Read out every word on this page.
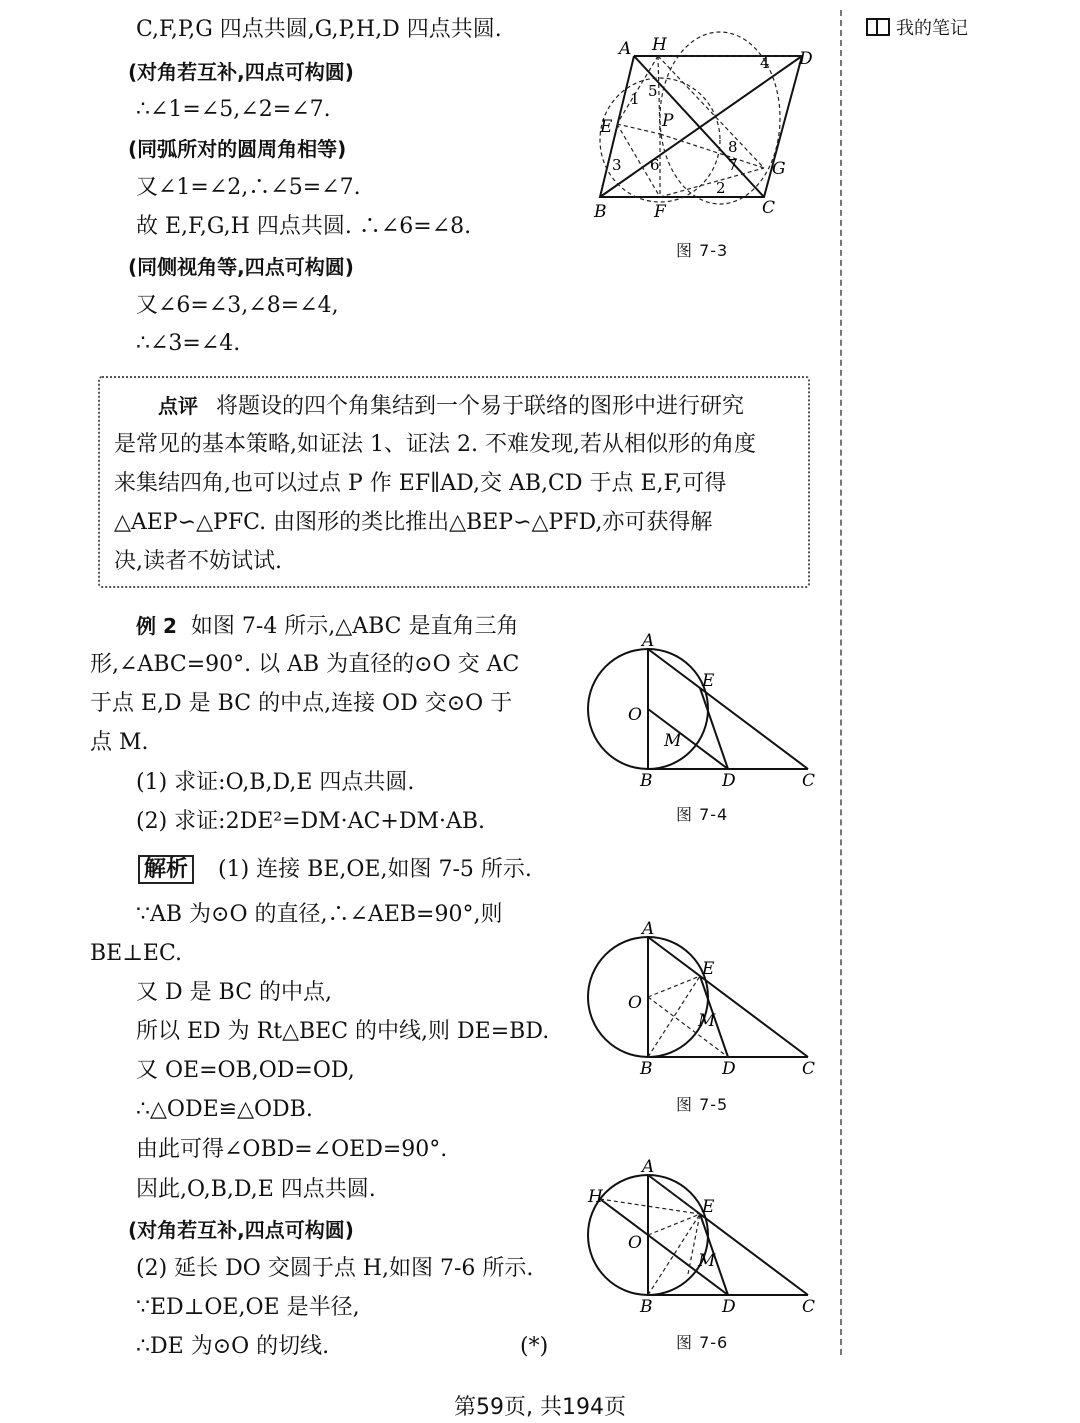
我的笔记
C,F,P,G 四点共圆,G,P,H,D 四点共圆.
(对角若互补,四点可构圆)
∴∠1=∠5,∠2=∠7.
(同弧所对的圆周角相等)
又∠1=∠2,∴∠5=∠7.
故 E,F,G,H 四点共圆. ∴∠6=∠8.
(同侧视角等,四点可构圆)
又∠6=∠3,∠8=∠4,
∴∠3=∠4.
A H
D
E	P
G
B	F	C
1
2
3
4
5
6	7
8
图 7-3
点评 将题设的四个角集结到一个易于联络的图形中进行研究
是常见的基本策略,如证法 1、证法 2. 不难发现,若从相似形的角度
来集结四角,也可以过点 P 作 EF∥AD,交 AB,CD 于点 E,F,可得
△AEP∽△PFC. 由图形的类比推出△BEP∽△PFD,亦可获得解
决,读者不妨试试.
例 2 如图 7-4 所示,△ABC 是直角三角
形,∠ABC=90°. 以 AB 为直径的⊙O 交 AC
于点 E,D 是 BC 的中点,连接 OD 交⊙O 于
点 M.
(1) 求证:O,B,D,E 四点共圆.
(2) 求证:2DE²=DM·AC+DM·AB.
A
E
O
M
B	D	C
图 7-4
解析 (1) 连接 BE,OE,如图 7-5 所示.
∵AB 为⊙O 的直径,∴∠AEB=90°,则
BE⊥EC.
又 D 是 BC 的中点,
所以 ED 为 Rt△BEC 的中线,则 DE=BD.
又 OE=OB,OD=OD,
∴△ODE≌△ODB.
由此可得∠OBD=∠OED=90°.
因此,O,B,D,E 四点共圆.
(对角若互补,四点可构圆)
(2) 延长 DO 交圆于点 H,如图 7-6 所示.
∵ED⊥OE,OE 是半径,
∴DE 为⊙O 的切线.	(*)
A
E
O
M
B	D	C
图 7-5
A
H	E
O
M
B	D	C
图 7-6
第59页, 共194页
